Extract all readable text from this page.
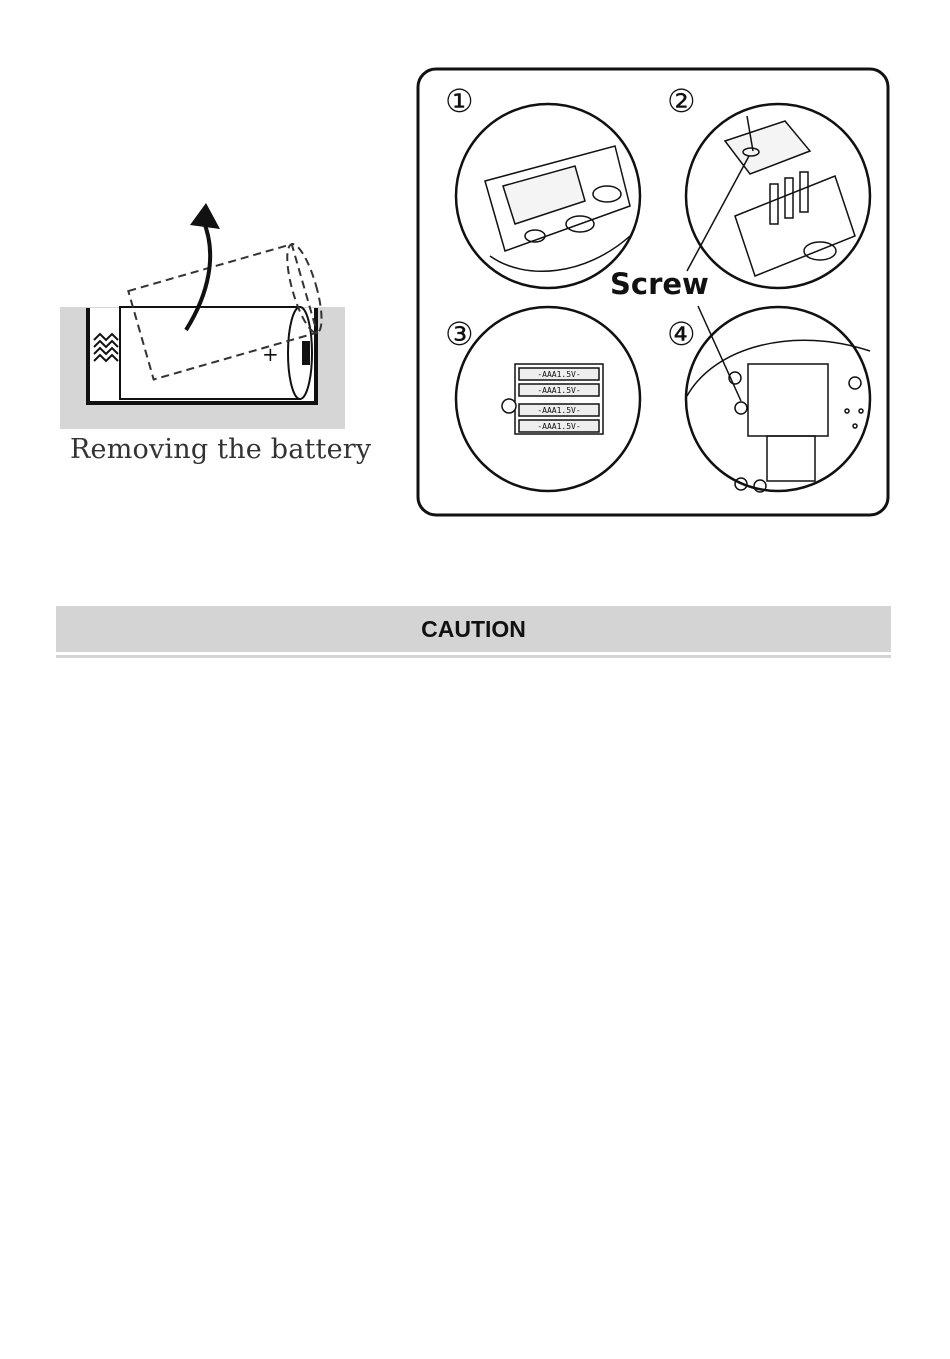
+
Removing the battery
-AAA1.5V-
-AAA1.5V-
-AAA1.5V-
-AAA1.5V-
①	②
③	④
Screw
CAUTION
